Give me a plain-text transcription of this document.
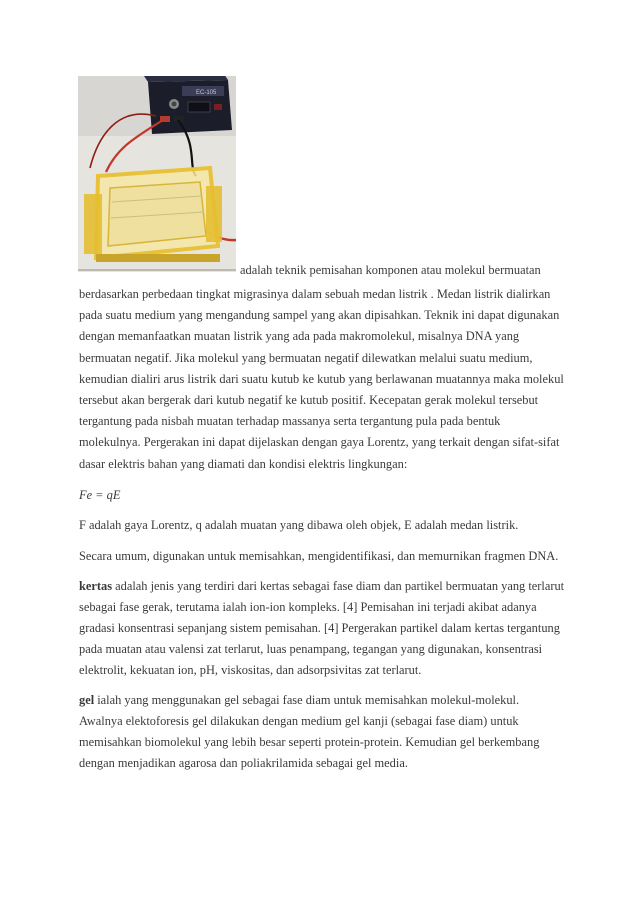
EC-105
adalah teknik pemisahan komponen atau molekul bermuatan

berdasarkan perbedaan tingkat migrasinya dalam sebuah medan listrik . Medan listrik dialirkan pada suatu medium yang mengandung sampel yang akan dipisahkan. Teknik ini dapat digunakan dengan memanfaatkan muatan listrik yang ada pada makromolekul, misalnya DNA yang bermuatan negatif. Jika molekul yang bermuatan negatif dilewatkan melalui suatu medium, kemudian dialiri arus listrik dari suatu kutub ke kutub yang berlawanan muatannya maka molekul tersebut akan bergerak dari kutub negatif ke kutub positif. Kecepatan gerak molekul tersebut tergantung pada nisbah muatan terhadap massanya serta tergantung pula pada bentuk molekulnya. Pergerakan ini dapat dijelaskan dengan gaya Lorentz, yang terkait dengan sifat-sifat dasar elektris bahan yang diamati dan kondisi elektris lingkungan:

Fe = qE

F adalah gaya Lorentz, q adalah muatan yang dibawa oleh objek, E adalah medan listrik.

Secara umum, digunakan untuk memisahkan, mengidentifikasi, dan memurnikan fragmen DNA.

kertas adalah jenis yang terdiri dari kertas sebagai fase diam dan partikel bermuatan yang terlarut sebagai fase gerak, terutama ialah ion-ion kompleks. [4] Pemisahan ini terjadi akibat adanya gradasi konsentrasi sepanjang sistem pemisahan. [4] Pergerakan partikel dalam kertas tergantung pada muatan atau valensi zat terlarut, luas penampang, tegangan yang digunakan, konsentrasi elektrolit, kekuatan ion, pH, viskositas, dan adsorpsivitas zat terlarut.

gel ialah yang menggunakan gel sebagai fase diam untuk memisahkan molekul-molekul. Awalnya elektoforesis gel dilakukan dengan medium gel kanji (sebagai fase diam) untuk memisahkan biomolekul yang lebih besar seperti protein-protein. Kemudian gel berkembang dengan menjadikan agarosa dan poliakrilamida sebagai gel media.
